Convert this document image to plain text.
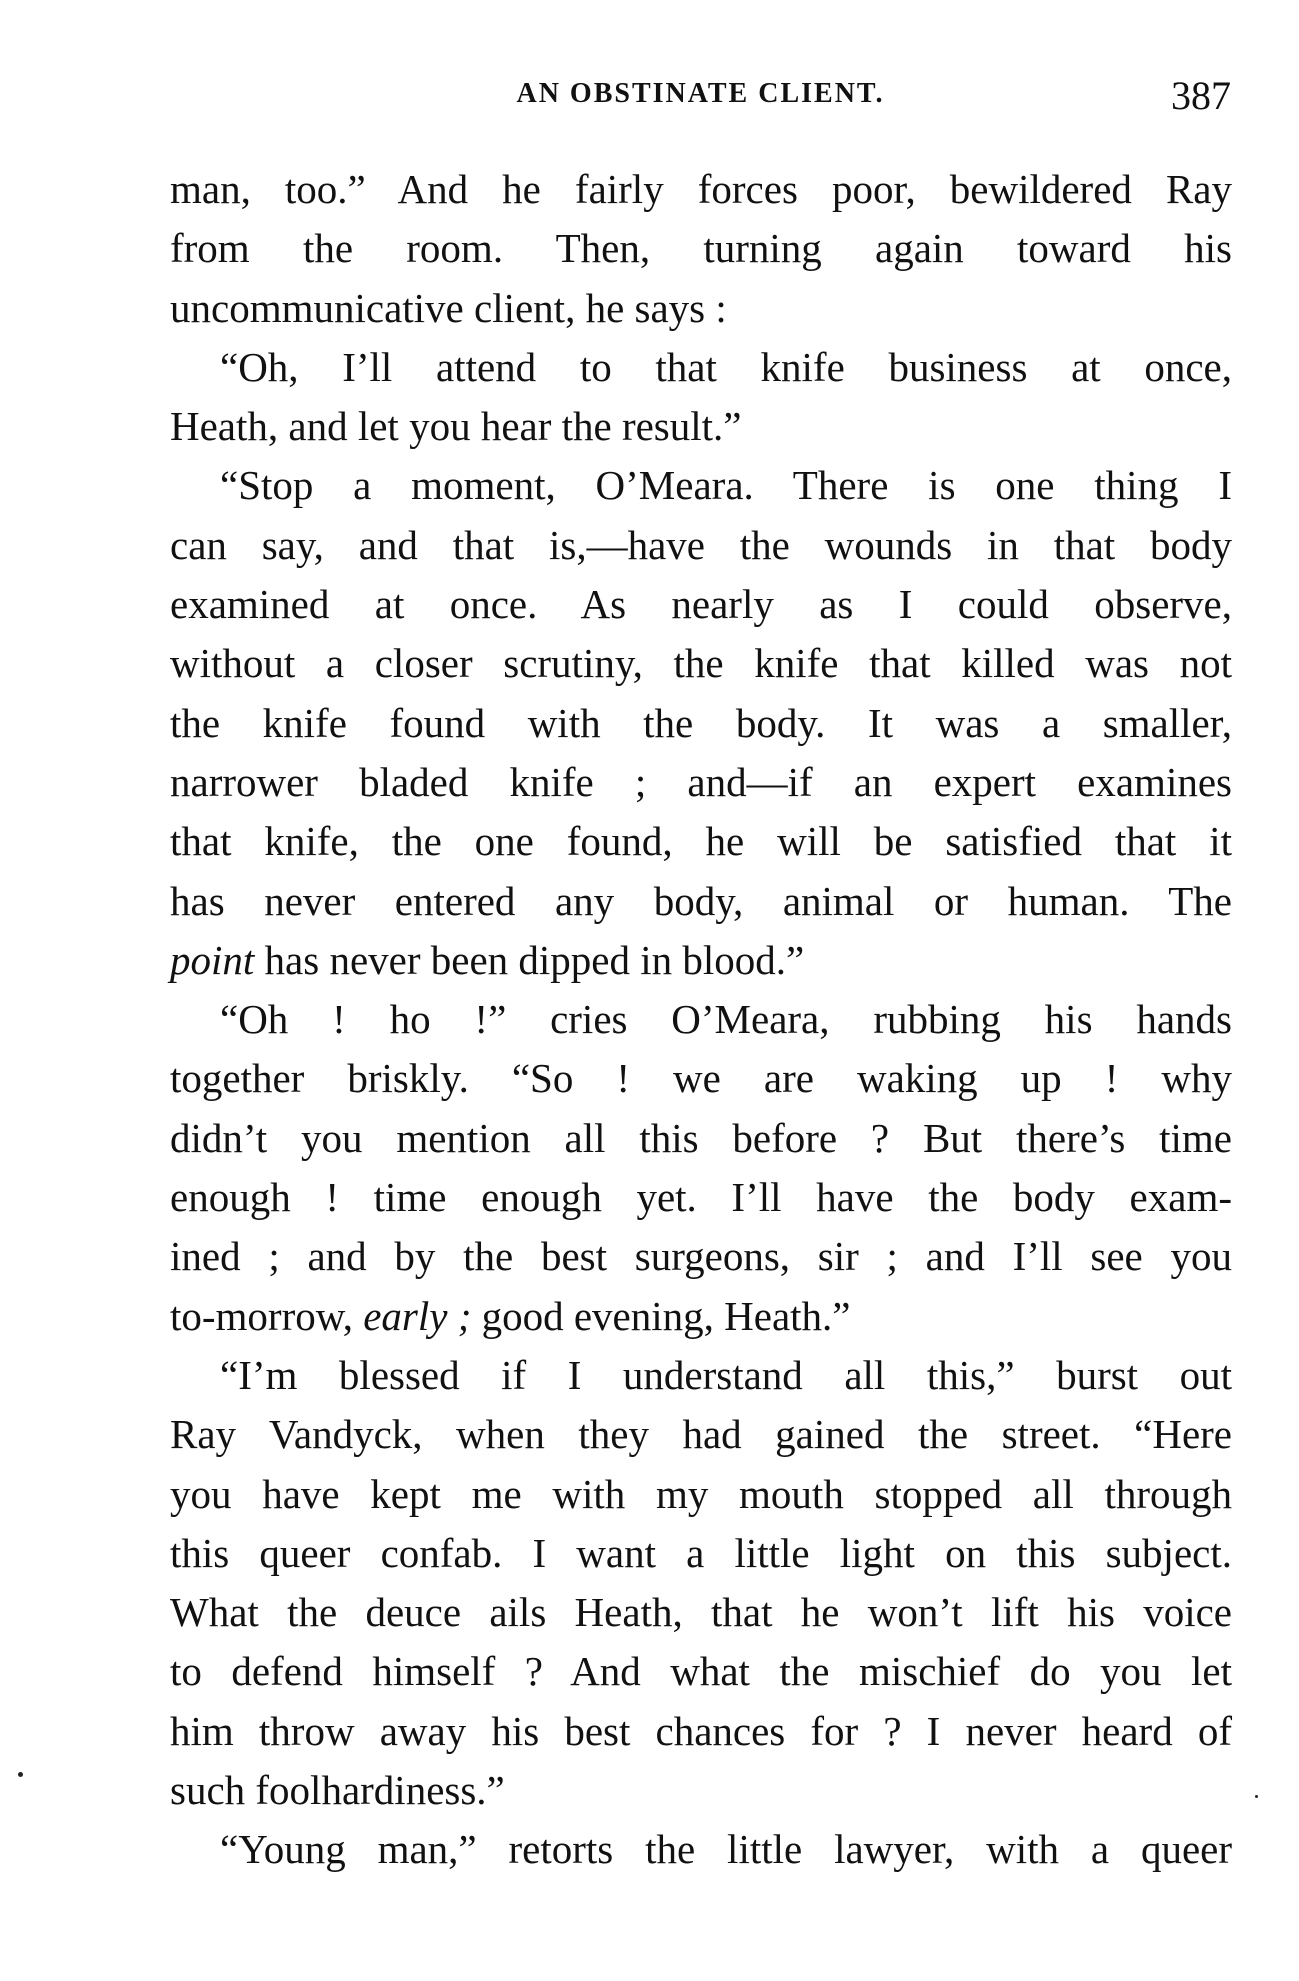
AN OBSTINATE CLIENT.	387
man, too.” And he fairly forces poor, bewildered Ray
from the room. Then, turning again toward his
uncommunicative client, he says :
“Oh, I’ll attend to that knife business at once,
Heath, and let you hear the result.”
“Stop a moment, O’Meara. There is one thing I
can say, and that is,—have the wounds in that body
examined at once. As nearly as I could observe,
without a closer scrutiny, the knife that killed was not
the knife found with the body. It was a smaller,
narrower bladed knife ; and—if an expert examines
that knife, the one found, he will be satisfied that it
has never entered any body, animal or human. The
point has never been dipped in blood.”
“Oh ! ho !” cries O’Meara, rubbing his hands
together briskly. “So ! we are waking up ! why
didn’t you mention all this before ? But there’s time
enough ! time enough yet. I’ll have the body exam-
ined ; and by the best surgeons, sir ; and I’ll see you
to-morrow, early ; good evening, Heath.”
“I’m blessed if I understand all this,” burst out
Ray Vandyck, when they had gained the street. “Here
you have kept me with my mouth stopped all through
this queer confab. I want a little light on this subject.
What the deuce ails Heath, that he won’t lift his voice
to defend himself ? And what the mischief do you let
him throw away his best chances for ? I never heard of
such foolhardiness.”
“Young man,” retorts the little lawyer, with a queer
